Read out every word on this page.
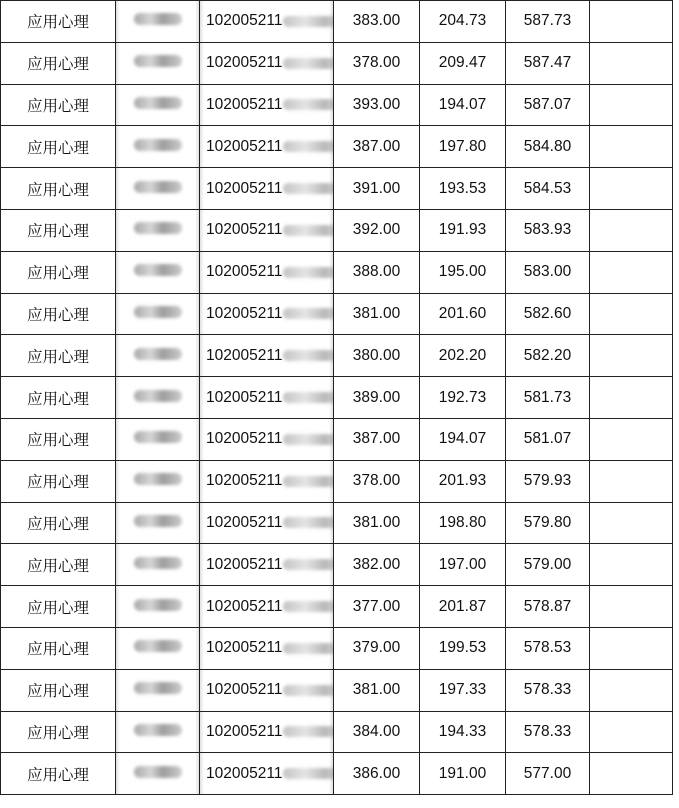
应用心理		102005211	383.00	204.73	587.73	
应用心理		102005211	378.00	209.47	587.47	
应用心理		102005211	393.00	194.07	587.07	
应用心理		102005211	387.00	197.80	584.80	
应用心理		102005211	391.00	193.53	584.53	
应用心理		102005211	392.00	191.93	583.93	
应用心理		102005211	388.00	195.00	583.00	
应用心理		102005211	381.00	201.60	582.60	
应用心理		102005211	380.00	202.20	582.20	
应用心理		102005211	389.00	192.73	581.73	
应用心理		102005211	387.00	194.07	581.07	
应用心理		102005211	378.00	201.93	579.93	
应用心理		102005211	381.00	198.80	579.80	
应用心理		102005211	382.00	197.00	579.00	
应用心理		102005211	377.00	201.87	578.87	
应用心理		102005211	379.00	199.53	578.53	
应用心理		102005211	381.00	197.33	578.33	
应用心理		102005211	384.00	194.33	578.33	
应用心理		102005211	386.00	191.00	577.00	
